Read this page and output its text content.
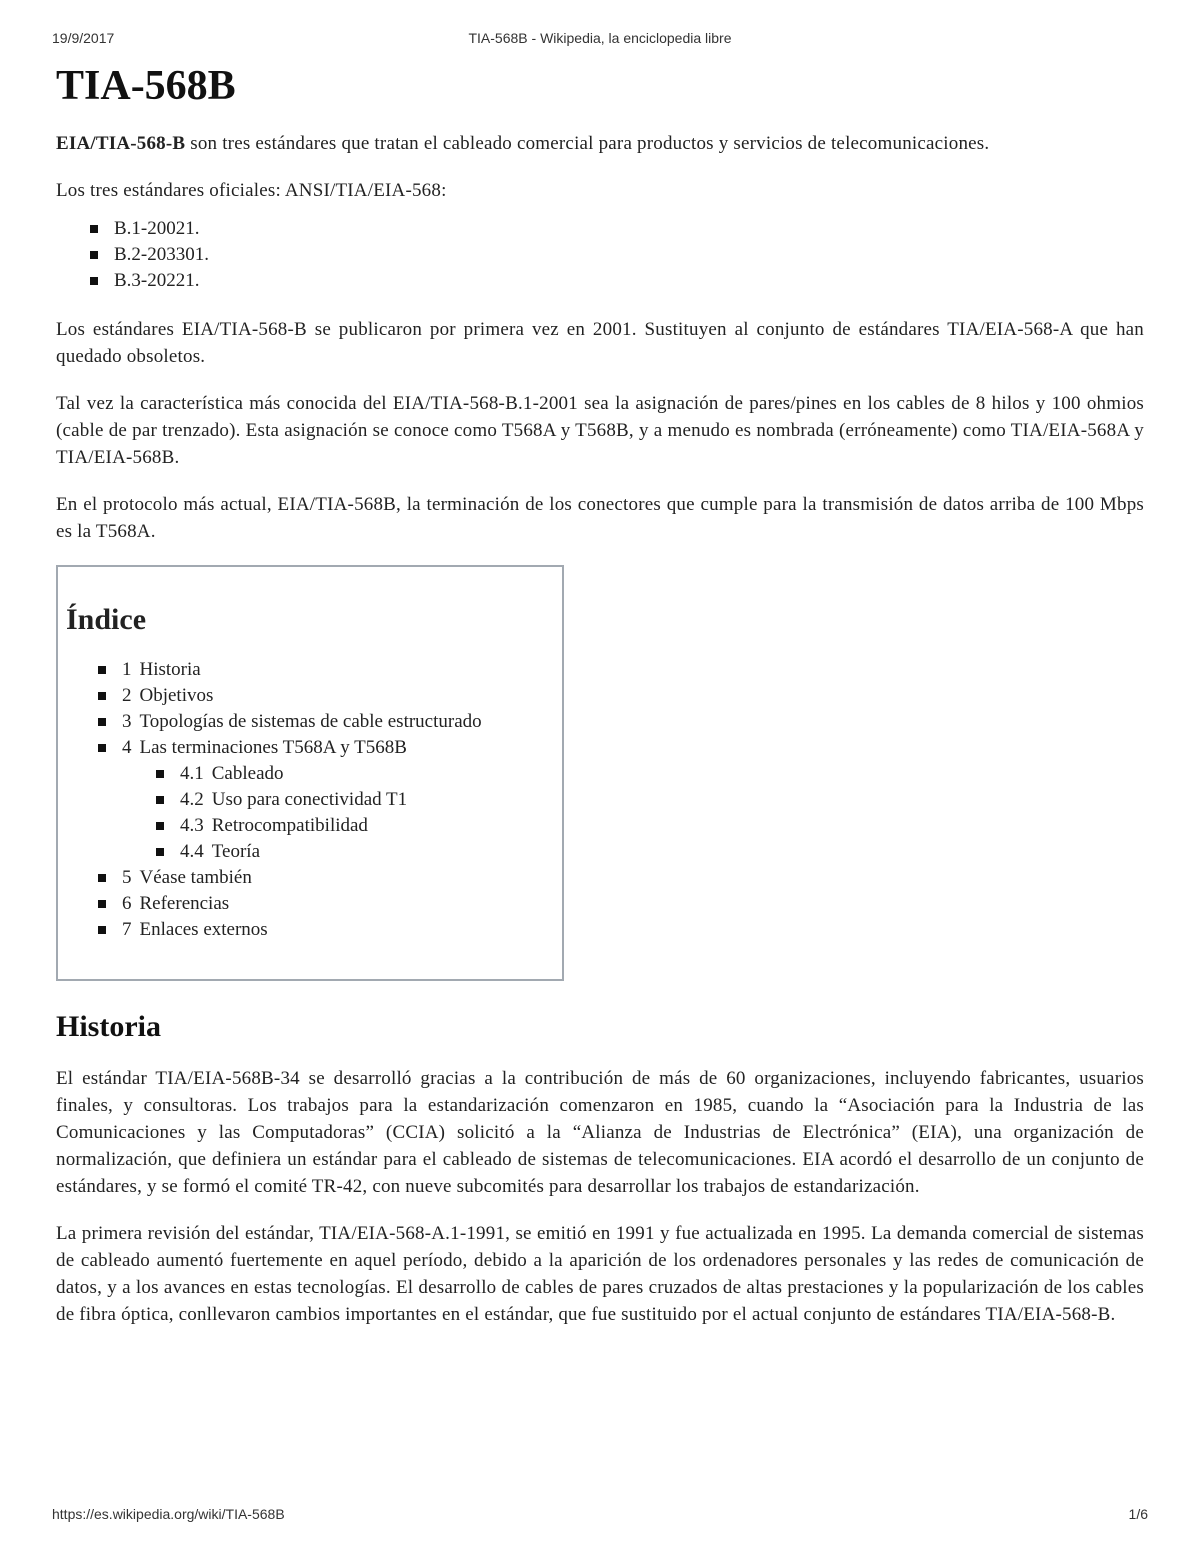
19/9/2017	TIA-568B - Wikipedia, la enciclopedia libre
TIA-568B

EIA/TIA-568-B son tres estándares que tratan el cableado comercial para productos y servicios de telecomunicaciones.

Los tres estándares oficiales: ANSI/TIA/EIA-568:

B.1-20021.
B.2-203301.
B.3-20221.

Los estándares EIA/TIA-568-B se publicaron por primera vez en 2001. Sustituyen al conjunto de estándares TIA/EIA-568-A que han quedado obsoletos.

Tal vez la característica más conocida del EIA/TIA-568-B.1-2001 sea la asignación de pares/pines en los cables de 8 hilos y 100 ohmios (cable de par trenzado). Esta asignación se conoce como T568A y T568B, y a menudo es nombrada (erróneamente) como TIA/EIA-568A y TIA/EIA-568B.

En el protocolo más actual, EIA/TIA-568B, la terminación de los conectores que cumple para la transmisión de datos arriba de 100 Mbps es la T568A.

Índice
1 Historia
2 Objetivos
3 Topologías de sistemas de cable estructurado
4 Las terminaciones T568A y T568B
4.1 Cableado
4.2 Uso para conectividad T1
4.3 Retrocompatibilidad
4.4 Teoría
5 Véase también
6 Referencias
7 Enlaces externos
Historia

El estándar TIA/EIA-568B-34 se desarrolló gracias a la contribución de más de 60 organizaciones, incluyendo fabricantes, usuarios finales, y consultoras. Los trabajos para la estandarización comenzaron en 1985, cuando la “Asociación para la Industria de las Comunicaciones y las Computadoras” (CCIA) solicitó a la “Alianza de Industrias de Electrónica” (EIA), una organización de normalización, que definiera un estándar para el cableado de sistemas de telecomunicaciones. EIA acordó el desarrollo de un conjunto de estándares, y se formó el comité TR-42, con nueve subcomités para desarrollar los trabajos de estandarización.

La primera revisión del estándar, TIA/EIA-568-A.1-1991, se emitió en 1991 y fue actualizada en 1995. La demanda comercial de sistemas de cableado aumentó fuertemente en aquel período, debido a la aparición de los ordenadores personales y las redes de comunicación de datos, y a los avances en estas tecnologías. El desarrollo de cables de pares cruzados de altas prestaciones y la popularización de los cables de fibra óptica, conllevaron cambios importantes en el estándar, que fue sustituido por el actual conjunto de estándares TIA/EIA-568-B.

https://es.wikipedia.org/wiki/TIA-568B	1/6
